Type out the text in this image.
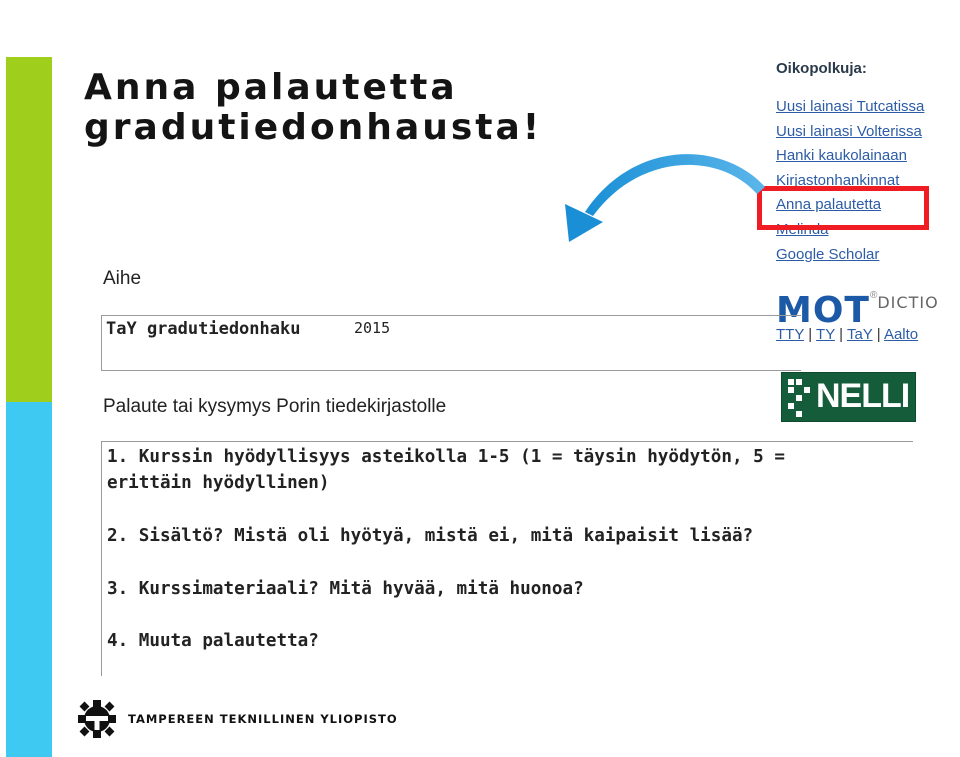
Anna palautetta
gradutiedonhausta!
Oikopolkuja:
Uusi lainasi Tutcatissa
Uusi lainasi Volterissa
Hanki kaukolainaan
Kirjastonhankinnat
Anna palautetta
Melinda
Google Scholar
MOT®DICTIO
TTY | TY | TaY | Aalto
NELLI
Aihe
TaY gradutiedonhaku	2015
Palaute tai kysymys Porin tiedekirjastolle
1. Kurssin hyödyllisyys asteikolla 1-5 (1 = täysin hyödytön, 5 =
erittäin hyödyllinen)
2. Sisältö? Mistä oli hyötyä, mistä ei, mitä kaipaisit lisää?
3. Kurssimateriaali? Mitä hyvää, mitä huonoa?
4. Muuta palautetta?
TAMPEREEN TEKNILLINEN YLIOPISTO
